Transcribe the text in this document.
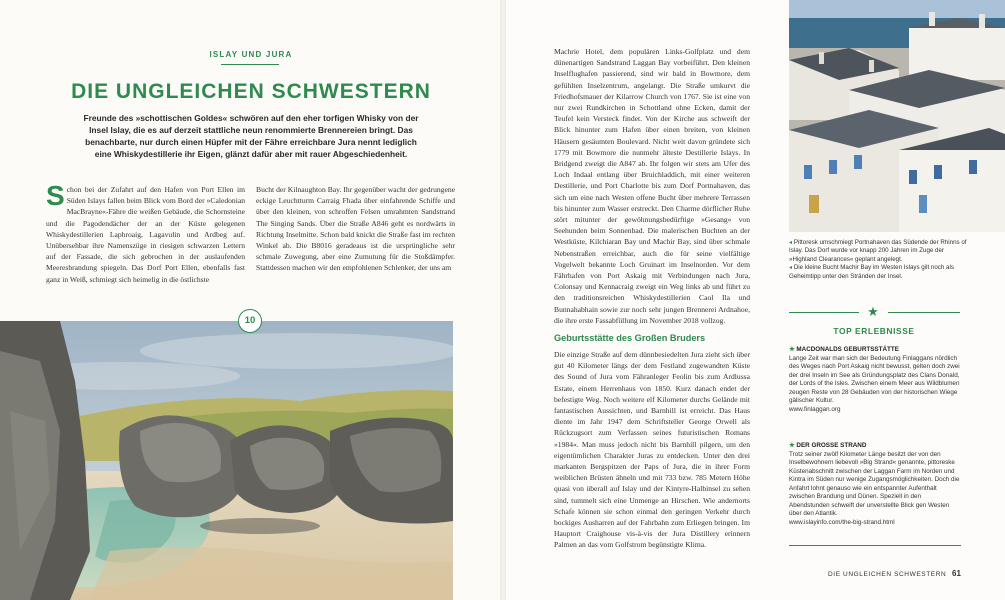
ISLAY UND JURA
DIE UNGLEICHEN SCHWESTERN
Freunde des »schottischen Goldes« schwören auf den eher torfigen Whisky von der Insel Islay, die es auf derzeit stattliche neun renommierte Brennereien bringt. Das benachbarte, nur durch einen Hüpfer mit der Fähre erreichbare Jura nennt lediglich eine Whiskydestillerie ihr Eigen, glänzt dafür aber mit rauer Abgeschiedenheit.
Schon bei der Zufahrt auf den Hafen von Port Ellen im Süden Islays fallen beim Blick vom Bord der »Caledonian MacBrayne«-Fähre die weißen Gebäude, die Schornsteine und die Pagodendächer der an der Küste gelegenen Whiskydestillerien Laphroaig, Lagavulin und Ardbeg auf. Unübersehbar ihre Namenszüge in riesigen schwarzen Lettern auf der Fassade, die sich gebrochen in der auslaufenden Meeresbrandung spiegeln. Das Dorf Port Ellen, ebenfalls fast ganz in Weiß, schmiegt sich heimelig in die östlichste
Bucht der Kilnaughton Bay. Ihr gegenüber wacht der gedrungene eckige Leuchtturm Carraig Fhada über einfahrende Schiffe und über den kleinen, von schroffen Felsen umrahmten Sandstrand The Singing Sands. Über die Straße A846 geht es nordwärts in Richtung Inselmitte. Schon bald knickt die Straße fast im rechten Winkel ab. Die B8016 geradeaus ist die ursprüngliche sehr schmale Zuwegung, aber eine Zumutung für die Stoßdämpfer. Stattdessen machen wir den empfohlenen Schlenker, der uns am
10
Machrie Hotel, dem populären Links-Golfplatz und dem dünenartigen Sandstrand Laggan Bay vorbeiführt. Den kleinen Inselflughafen passierend, sind wir bald in Bowmore, dem gefühlten Inselzentrum, angelangt. Die Straße umkurvt die Friedhofsmauer der Kilarrow Church von 1767. Sie ist eine von nur zwei Rundkirchen in Schottland ohne Ecken, damit der Teufel kein Versteck findet. Von der Kirche aus schweift der Blick hinunter zum Hafen über einen breiten, von kleinen Häusern gesäumten Boulevard. Nicht weit davon gründete sich 1779 mit Bowmore die nunmehr älteste Destillerie Islays. In Bridgend zweigt die A847 ab. Ihr folgen wir stets am Ufer des Loch Indaal entlang über Bruichladdich, mit einer weiteren Destillerie, und Port Charlotte bis zum Dorf Portnahaven, das sich um eine nach Westen offene Bucht über mehrere Terrassen bis hinunter zum Wasser erstreckt. Den Charme dörflicher Ruhe stört mitunter der gewöhnungsbedürftige »Gesang« von Seehunden beim Sonnenbad. Die malerischen Buchten an der Westküste, Kilchiaran Bay und Machir Bay, sind über schmale Nebenstraßen erreichbar, auch die für seine vielfältige Vogelwelt bekannte Loch Gruinart im Inselnorden. Vor dem Fährhafen von Port Askaig mit Verbindungen nach Jura, Colonsay und Kennacraig zweigt ein Weg links ab und führt zu den traditionsreichen Whiskydestillerien Caol Ila und Bunnahabhain sowie zur noch sehr jungen Brennerei Ardnahoe, die ihre erste Fassabfüllung im November 2018 vollzog.
Geburtsstätte des Großen Bruders
Die einzige Straße auf dem dünnbesiedelten Jura zieht sich über gut 40 Kilometer längs der dem Festland zugewandten Küste des Sound of Jura vom Fähranleger Feolin bis zum Ardlussa Estate, einem Herrenhaus von 1850. Kurz danach endet der befestigte Weg. Noch weitere elf Kilometer durchs Gelände mit fantastischen Aussichten, und Barnhill ist erreicht. Das Haus diente im Jahr 1947 dem Schriftsteller George Orwell als Rückzugsort zum Verfassen seines futuristischen Romans »1984«. Man muss jedoch nicht bis Barnhill pilgern, um den eigentümlichen Charakter Juras zu entdecken. Unter den drei markanten Bergspitzen der Paps of Jura, die in ihrer Form weiblichen Brüsten ähneln und mit 733 bzw. 785 Metern Höhe quasi von überall auf Islay und der Kintyre-Halbinsel zu sehen sind, tummelt sich eine Unmenge an Hirschen. Wie andernorts Schafe können sie schon einmal den geringen Verkehr durch bockiges Ausharren auf der Fahrbahn zum Erliegen bringen. Im Hauptort Craighouse vis-à-vis der Jura Distillery erinnern Palmen an das vom Golfstrom begünstigte Klima.
◂ Pittoresk umschmiegt Portnahaven das Südende der Rhinns of Islay. Das Dorf wurde vor knapp 200 Jahren im Zuge der »Highland Clearances« geplant angelegt.
◂ Die kleine Bucht Machir Bay im Westen Islays gilt noch als Geheimtipp unter den Stränden der Insel.
★
TOP ERLEBNISSE
★ MACDONALDS GEBURTSSTÄTTE
Lange Zeit war man sich der Bedeutung Finlaggans nördlich des Weges nach Port Askaig nicht bewusst, gelten doch zwei der drei Inseln im See als Gründungsplatz des Clans Donald, der Lords of the Isles. Zwischen einem Meer aus Wildblumen zeugen Reste von 28 Gebäuden von der historischen Wiege gälischer Kultur.
www.finlaggan.org
★ DER GROSSE STRAND
Trotz seiner zwölf Kilometer Länge besitzt der von den Inselbewohnern liebevoll »Big Strand« genannte, pittoreske Küstenabschnitt zwischen der Laggan Farm im Norden und Kintra im Süden nur wenige Zugangsmöglichkeiten. Doch die Anfahrt lohnt genauso wie ein entspannter Aufenthalt zwischen Brandung und Dünen. Speziell in den Abendstunden schweift der unverstellte Blick gen Westen über den Atlantik.
www.islayinfo.com/the-big-strand.html
DIE UNGLEICHEN SCHWESTERN 61
